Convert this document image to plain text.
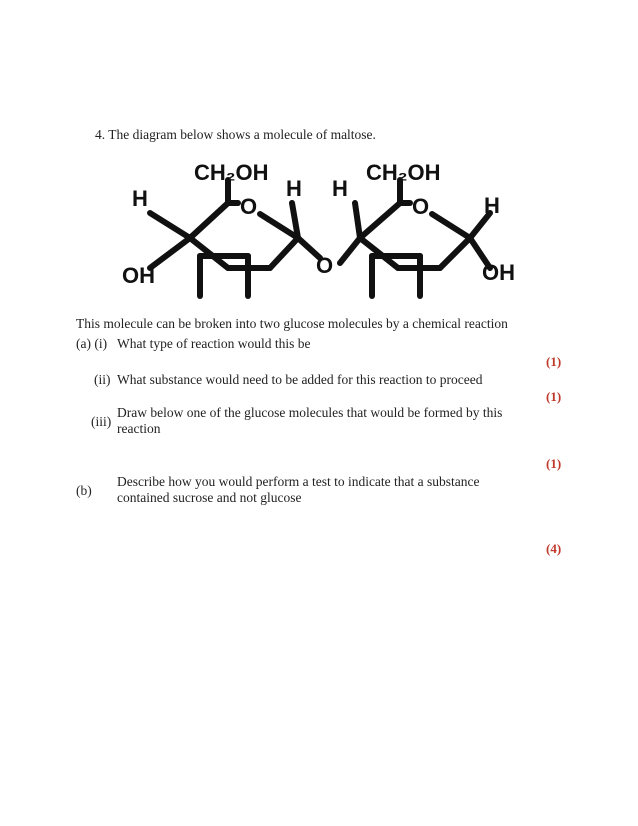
4. The diagram below shows a molecule of maltose.
CH₂OH
O
H	H
OH	O
CH₂OH
O
H
H
OH
This molecule can be broken into two glucose molecules by a chemical reaction
(a) (i) What type of reaction would this be
(1)
(ii) What substance would need to be added for this reaction to proceed
(1)
(iii)
Draw below one of the glucose molecules that would be formed by this reaction
(1)
(b)
Describe how you would perform a test to indicate that a substance contained sucrose and not glucose
(4)
